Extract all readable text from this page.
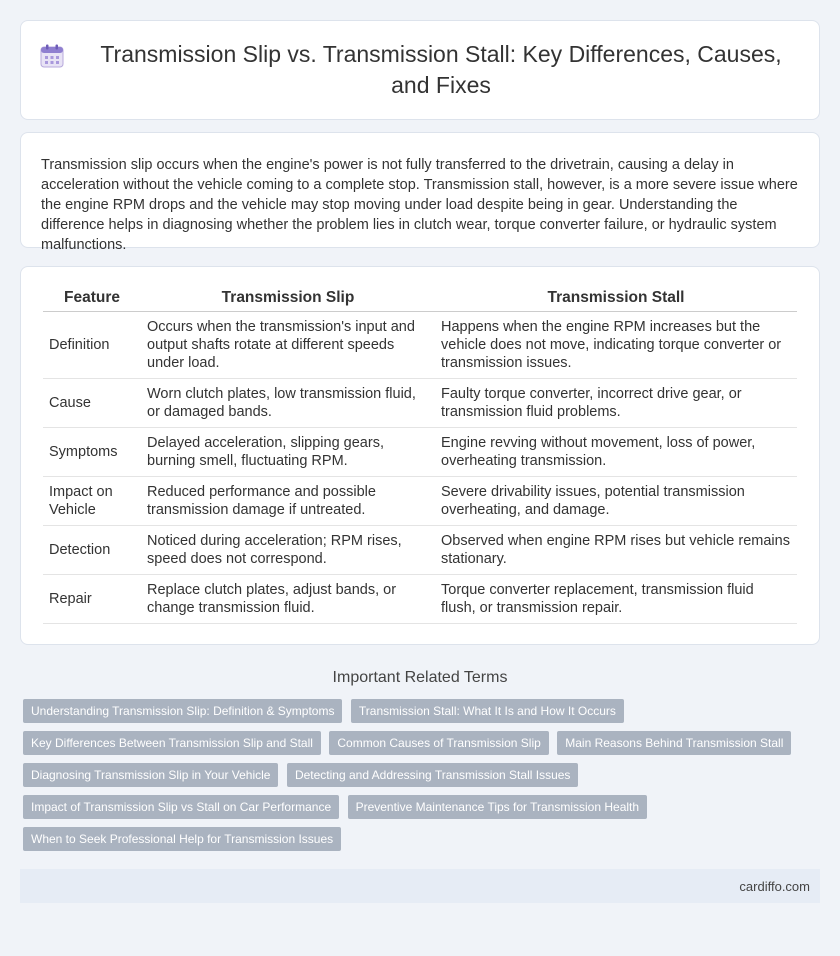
Transmission Slip vs. Transmission Stall: Key Differences, Causes, and Fixes
Transmission slip occurs when the engine's power is not fully transferred to the drivetrain, causing a delay in acceleration without the vehicle coming to a complete stop. Transmission stall, however, is a more severe issue where the engine RPM drops and the vehicle may stop moving under load despite being in gear. Understanding the difference helps in diagnosing whether the problem lies in clutch wear, torque converter failure, or hydraulic system malfunctions.
Feature	Transmission Slip	Transmission Stall
Definition	Occurs when the transmission's input and output shafts rotate at different speeds under load.	Happens when the engine RPM increases but the vehicle does not move, indicating torque converter or transmission issues.
Cause	Worn clutch plates, low transmission fluid, or damaged bands.	Faulty torque converter, incorrect drive gear, or transmission fluid problems.
Symptoms	Delayed acceleration, slipping gears, burning smell, fluctuating RPM.	Engine revving without movement, loss of power, overheating transmission.
Impact on Vehicle	Reduced performance and possible transmission damage if untreated.	Severe drivability issues, potential transmission overheating, and damage.
Detection	Noticed during acceleration; RPM rises, speed does not correspond.	Observed when engine RPM rises but vehicle remains stationary.
Repair	Replace clutch plates, adjust bands, or change transmission fluid.	Torque converter replacement, transmission fluid flush, or transmission repair.
Important Related Terms
Understanding Transmission Slip: Definition & Symptoms Transmission Stall: What It Is and How It Occurs Key Differences Between Transmission Slip and Stall Common Causes of Transmission Slip Main Reasons Behind Transmission Stall Diagnosing Transmission Slip in Your Vehicle Detecting and Addressing Transmission Stall Issues Impact of Transmission Slip vs Stall on Car Performance Preventive Maintenance Tips for Transmission Health When to Seek Professional Help for Transmission Issues
cardiffo.com
